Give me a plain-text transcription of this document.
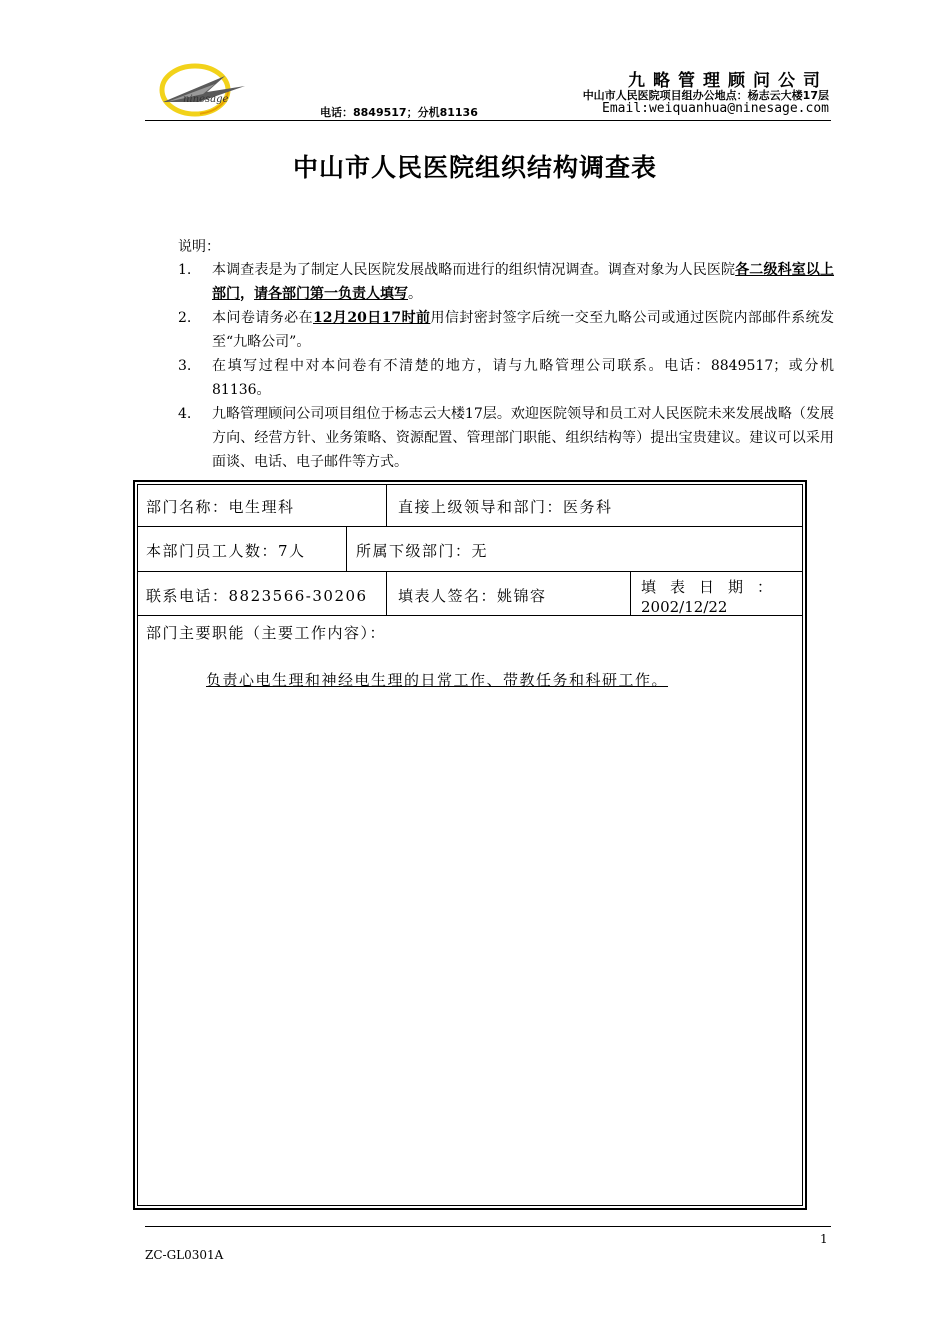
ninesage
九略管理顾问公司
中山市人民医院项目组办公地点：杨志云大楼17层
电话：8849517；分机81136	Email:weiquanhua@ninesage.com
中山市人民医院组织结构调查表
说明：
1.	本调查表是为了制定人民医院发展战略而进行的组织情况调查。调查对象为人民医院各二级科室以上部门，请各部门第一负责人填写。
2.	本问卷请务必在12月20日17时前用信封密封签字后统一交至九略公司或通过医院内部邮件系统发至“九略公司”。
3.	在填写过程中对本问卷有不清楚的地方，请与九略管理公司联系。电话：8849517；或分机81136。
4.	九略管理顾问公司项目组位于杨志云大楼17层。欢迎医院领导和员工对人民医院未来发展战略（发展方向、经营方针、业务策略、资源配置、管理部门职能、组织结构等）提出宝贵建议。建议可以采用面谈、电话、电子邮件等方式。
部门名称：电生理科	直接上级领导和部门：医务科
本部门员工人数：7人	所属下级部门：无
联系电话：8823566-30206 填表人签名：姚锦容	填表日期：
2002/12/22
部门主要职能（主要工作内容）：
负责心电生理和神经电生理的日常工作、带教任务和科研工作。
1
ZC-GL0301A
